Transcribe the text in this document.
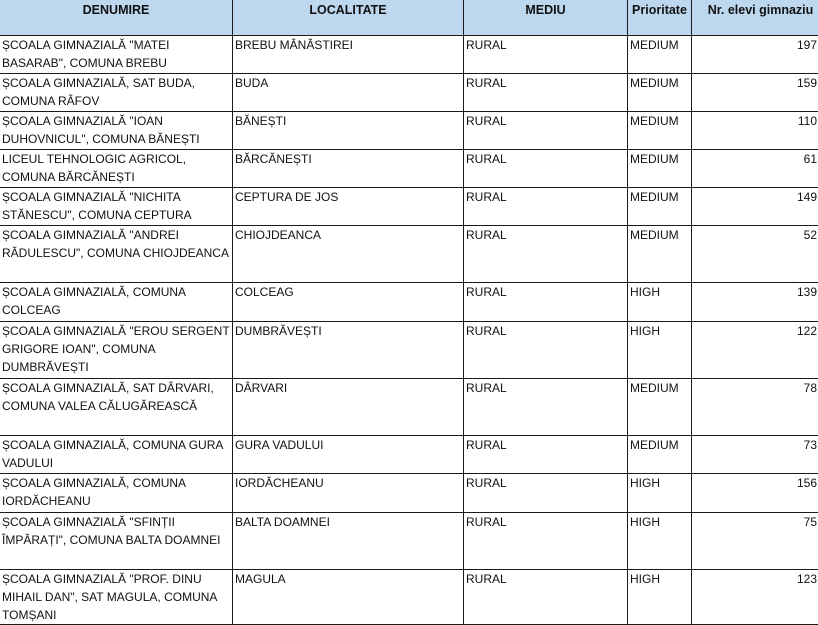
DENUMIRE	LOCALITATE	MEDIU	Prioritate	Nr. elevi gimnaziu
ȘCOALA GIMNAZIALĂ "MATEI BASARAB", COMUNA BREBU	BREBU MÂNĂSTIREI	RURAL	MEDIUM	197
ȘCOALA GIMNAZIALĂ, SAT BUDA, COMUNA RÂFOV	BUDA	RURAL	MEDIUM	159
ȘCOALA GIMNAZIALĂ "IOAN DUHOVNICUL", COMUNA BĂNEȘTI	BĂNEȘTI	RURAL	MEDIUM	110
LICEUL TEHNOLOGIC AGRICOL, COMUNA BĂRCĂNEȘTI	BĂRCĂNEȘTI	RURAL	MEDIUM	61
ȘCOALA GIMNAZIALĂ "NICHITA STĂNESCU", COMUNA CEPTURA	CEPTURA DE JOS	RURAL	MEDIUM	149
ȘCOALA GIMNAZIALĂ "ANDREI RĂDULESCU", COMUNA CHIOJDEANCA	CHIOJDEANCA	RURAL	MEDIUM	52
ȘCOALA GIMNAZIALĂ, COMUNA COLCEAG	COLCEAG	RURAL	HIGH	139
ȘCOALA GIMNAZIALĂ "EROU SERGENT GRIGORE IOAN", COMUNA DUMBRĂVEȘTI	DUMBRĂVEȘTI	RURAL	HIGH	122
ȘCOALA GIMNAZIALĂ, SAT DÂRVARI, COMUNA VALEA CĂLUGĂREASCĂ	DÂRVARI	RURAL	MEDIUM	78
ȘCOALA GIMNAZIALĂ, COMUNA GURA VADULUI	GURA VADULUI	RURAL	MEDIUM	73
ȘCOALA GIMNAZIALĂ, COMUNA IORDĂCHEANU	IORDĂCHEANU	RURAL	HIGH	156
ȘCOALA GIMNAZIALĂ "SFINȚII ÎMPĂRAȚI", COMUNA BALTA DOAMNEI	BALTA DOAMNEI	RURAL	HIGH	75
ȘCOALA GIMNAZIALĂ "PROF. DINU MIHAIL DAN", SAT MAGULA, COMUNA TOMȘANI	MAGULA	RURAL	HIGH	123
